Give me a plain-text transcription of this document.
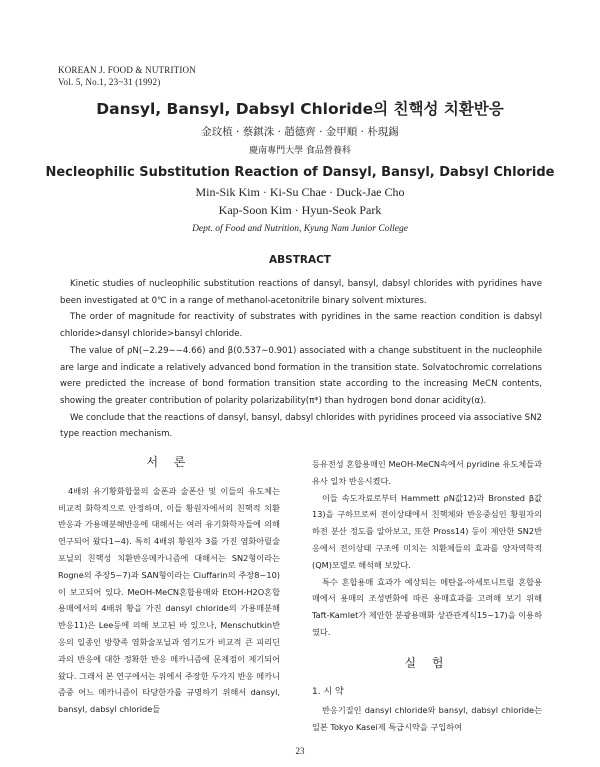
KOREAN J. FOOD & NUTRITION
Vol. 5, No.1, 23~31 (1992)
Dansyl, Bansyl, Dabsyl Chloride의 친핵성 치환반응
金玟植 · 蔡錤洙 · 趙德齊 · 金甲順 · 朴現錫
慶南專門大學 食品營養科
Necleophilic Substitution Reaction of Dansyl, Bansyl, Dabsyl Chloride
Min-Sik Kim · Ki-Su Chae · Duck-Jae Cho
Kap-Soon Kim · Hyun-Seok Park
Dept. of Food and Nutrition, Kyung Nam Junior College
ABSTRACT

Kinetic studies of nucleophilic substitution reactions of dansyl, bansyl, dabsyl chlorides with pyridines have been investigated at 0℃ in a range of methanol-acetonitrile binary solvent mixtures.

The order of magnitude for reactivity of substrates with pyridines in the same reaction condition is dabsyl chloride>dansyl chloride>bansyl chloride.

The value of ρN(−2.29∼−4.66) and β(0.537∼0.901) associated with a change substituent in the nucleophile are large and indicate a relatively advanced bond formation in the transition state. Solvatochromic correlations were predicted the increase of bond formation transition state according to the increasing MeCN contents, showing the greater contribution of polarity polarizability(π*) than hydrogen bond donar acidity(α).

We conclude that the reactions of dansyl, bansyl, dabsyl chlorides with pyridines proceed via associative SN2 type reaction mechanism.

서 론

4배위 유기황화합물의 술폰과 술폰산 및 이들의 유도체는 비교적 화학적으로 안정하며, 이들 황원자에서의 친핵적 치환반응과 가용매분해반응에 대해서는 여러 유기화학자들에 의해 연구되어 왔다1~4). 특히 4배위 황원자 3를 가진 염화아릴술포닐의 친핵성 치환반응메카니즘에 대해서는 SN2형이라는 Rogne의 주장5~7)과 SAN형이라는 Ciuffarin의 주장8~10)이 보고되어 있다. MeOH-MeCN혼합용매와 EtOH-H2O혼합용매에서의 4배위 황을 가진 dansyl chloride의 가용매분해반응11)은 Lee등에 의해 보고된 바 있으나, Menschutkin반응의 일종인 방향족 염화술포닐과 염기도가 비교적 큰 피리딘과의 반응에 대한 정확한 반응 메카니즘에 문제점이 제기되어 왔다. 그래서 본 연구에서는 위에서 주장한 두가지 반응 메카니즘중 어느 메카니즘이 타당한가를 규명하기 위해서 dansyl, bansyl, dabsyl chloride들

등유전성 혼합용매인 MeOH-MeCN속에서 pyridine 유도체들과 유사 일차 반응시켰다.

이들 속도자료로부터 Hammett ρN값12)과 Bronsted β값13)을 구하므로써 전이상태에서 친핵체와 반응중심인 황원자의 하전 분산 정도를 알아보고, 또한 Pross14) 등이 제안한 SN2반응에서 전이상태 구조에 미치는 치환체들의 효과를 양자역학적(QM)모델로 해석해 보았다.

특수 혼합용매 효과가 예상되는 메탄올-아세토니트릴 혼합용매에서 용매의 조성변화에 따른 용매효과를 고려해 보기 위해 Taft-Kamlet가 제안한 분광용매화 상관관계식15~17)을 이용하였다.

실 험
1. 시 약

반응기질인 dansyl chloride와 bansyl, dabsyl chloride는 일본 Tokyo Kasei제 특급시약을 구입하여

23
